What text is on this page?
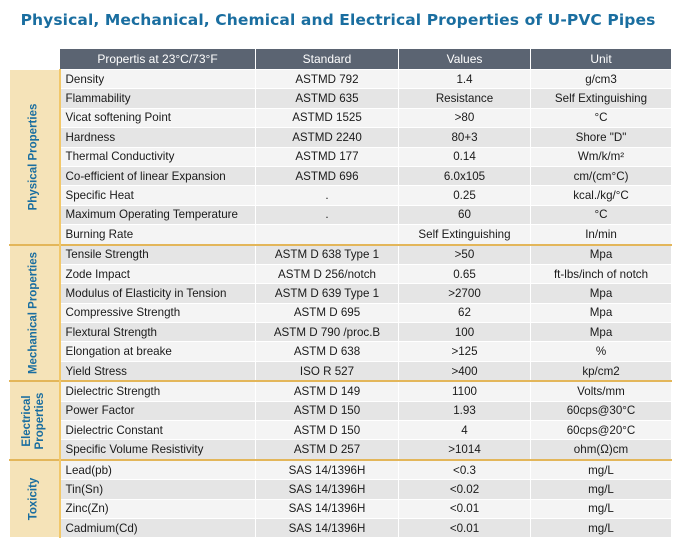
Physical, Mechanical, Chemical and Electrical Properties of U-PVC Pipes
	Propertis at 23°C/73°F	Standard	Values	Unit

Physical Properties	Density	ASTMD 792	1.4	g/cm3
	Flammability	ASTMD 635	Resistance	Self Extinguishing
	Vicat softening Point	ASTMD 1525	>80	°C
	Hardness	ASTMD 2240	80+3	Shore "D"
	Thermal Conductivity	ASTMD 177	0.14	Wm/k/m²
	Co-efficient of linear Expansion	ASTMD 696	6.0x105	cm/(cm°C)
	Specific Heat	.	0.25	kcal./kg/°C
	Maximum Operating Temperature	.	60	°C
	Burning Rate		Self Extinguishing	In/min

Mechanical Properties	Tensile Strength	ASTM D 638 Type 1	>50	Mpa
	Zode Impact	ASTM D 256/notch	0.65	ft-lbs/inch of notch
	Modulus of Elasticity in Tension	ASTM D 639 Type 1	>2700	Mpa
	Compressive Strength	ASTM D 695	62	Mpa
	Flextural Strength	ASTM D 790 /proc.B	100	Mpa
	Elongation at breake	ASTM D 638	>125	%
	Yield Stress	ISO R 527	>400	kp/cm2

Electrical Properties	Dielectric Strength	ASTM D 149	1100	Volts/mm
	Power Factor	ASTM D 150	1.93	60cps@30°C
	Dielectric Constant	ASTM D 150	4	60cps@20°C
	Specific Volume Resistivity	ASTM D 257	>1014	ohm(Ω)cm

Toxicity	Lead(pb)	SAS 14/1396H	<0.3	mg/L
	Tin(Sn)	SAS 14/1396H	<0.02	mg/L
	Zinc(Zn)	SAS 14/1396H	<0.01	mg/L
	Cadmium(Cd)	SAS 14/1396H	<0.01	mg/L
